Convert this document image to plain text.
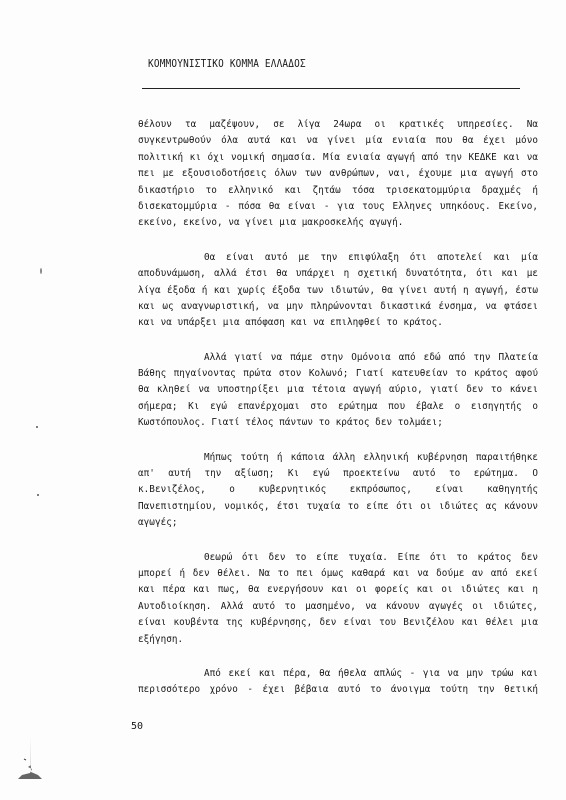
ΚΟΜΜΟΥΝΙΣΤΙΚΟ ΚΟΜΜΑ ΕΛΛΑΔΟΣ
θέλουν τα μαζέψουν, σε λίγα 24ωρα οι κρατικές υπηρεσίες. Να
συγκεντρωθούν όλα αυτά και να γίνει μία ενιαία που θα έχει μόνο
πολιτική κι όχι νομική σημασία. Μία ενιαία αγωγή από την ΚΕΔΚΕ και να
πει με εξουσιοδοτήσεις όλων των ανθρώπων, ναι, έχουμε μια αγωγή στο
δικαστήριο το ελληνικό και ζητάω τόσα τρισεκατομμύρια δραχμές ή
δισεκατομμύρια - πόσα θα είναι - για τους Ελληνες υπηκόους. Εκείνο,
εκείνο, εκείνο, να γίνει μια μακροσκελής αγωγή.
Θα είναι αυτό με την επιφύλαξη ότι αποτελεί και μία
αποδυνάμωση, αλλά έτσι θα υπάρχει η σχετική δυνατότητα, ότι και με
λίγα έξοδα ή και χωρίς έξοδα των ιδιωτών, θα γίνει αυτή η αγωγή, έστω
και ως αναγνωριστική, να μην πληρώνονται δικαστικά ένσημα, να φτάσει
και να υπάρξει μια απόφαση και να επιληφθεί το κράτος.
Αλλά γιατί να πάμε στην Ομόνοια από εδώ από την Πλατεία
Βάθης πηγαίνοντας πρώτα στον Κολωνό; Γιατί κατευθείαν το κράτος αφού
θα κληθεί να υποστηρίξει μια τέτοια αγωγή αύριο, γιατί δεν το κάνει
σήμερα; Κι εγώ επανέρχομαι στο ερώτημα που έβαλε ο εισηγητής ο
Κωστόπουλος. Γιατί τέλος πάντων το κράτος δεν τολμάει;
Μήπως τούτη ή κάποια άλλη ελληνική κυβέρνηση παραιτήθηκε
απ' αυτή την αξίωση; Κι εγώ προεκτείνω αυτό το ερώτημα. Ο
κ.Βενιζέλος, ο κυβερνητικός εκπρόσωπος, είναι καθηγητής
Πανεπιστημίου, νομικός, έτσι τυχαία το είπε ότι οι ιδιώτες ας κάνουν
αγωγές;
Θεωρώ ότι δεν το είπε τυχαία. Είπε ότι το κράτος δεν
μπορεί ή δεν θέλει. Να το πει όμως καθαρά και να δούμε αν από εκεί
και πέρα και πως, θα ενεργήσουν και οι φορείς και οι ιδιώτες και η
Αυτοδιοίκηση. Αλλά αυτό το μασημένο, να κάνουν αγωγές οι ιδιώτες,
είναι κουβέντα της κυβέρνησης, δεν είναι του Βενιζέλου και θέλει μια
εξήγηση.
Από εκεί και πέρα, θα ήθελα απλώς - για να μην τρώω και
περισσότερο χρόνο - έχει βέβαια αυτό το άνοιγμα τούτη την θετική
50
